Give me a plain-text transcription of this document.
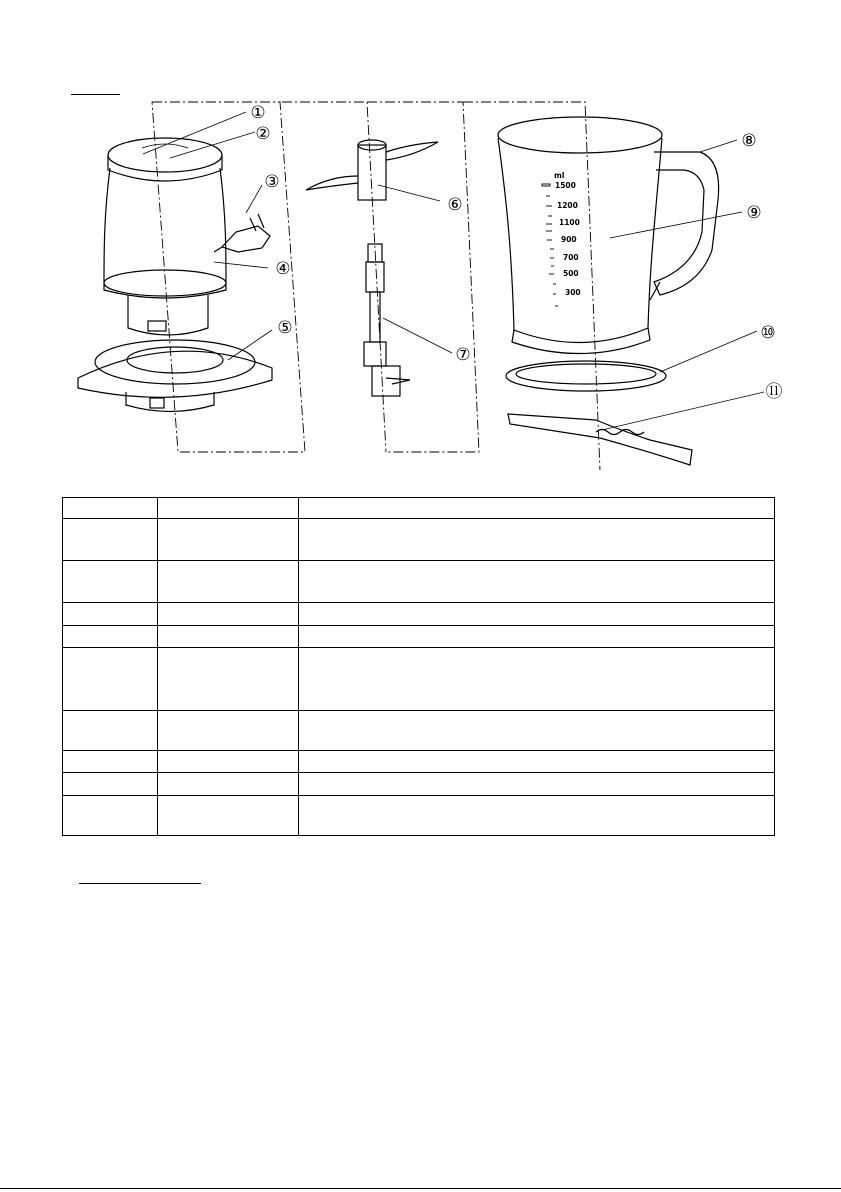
①
②
③
④
⑤
⑥
⑦
⑧
⑨
⑩
⑪
ml
1500
1200
1100
900
700
500
300
